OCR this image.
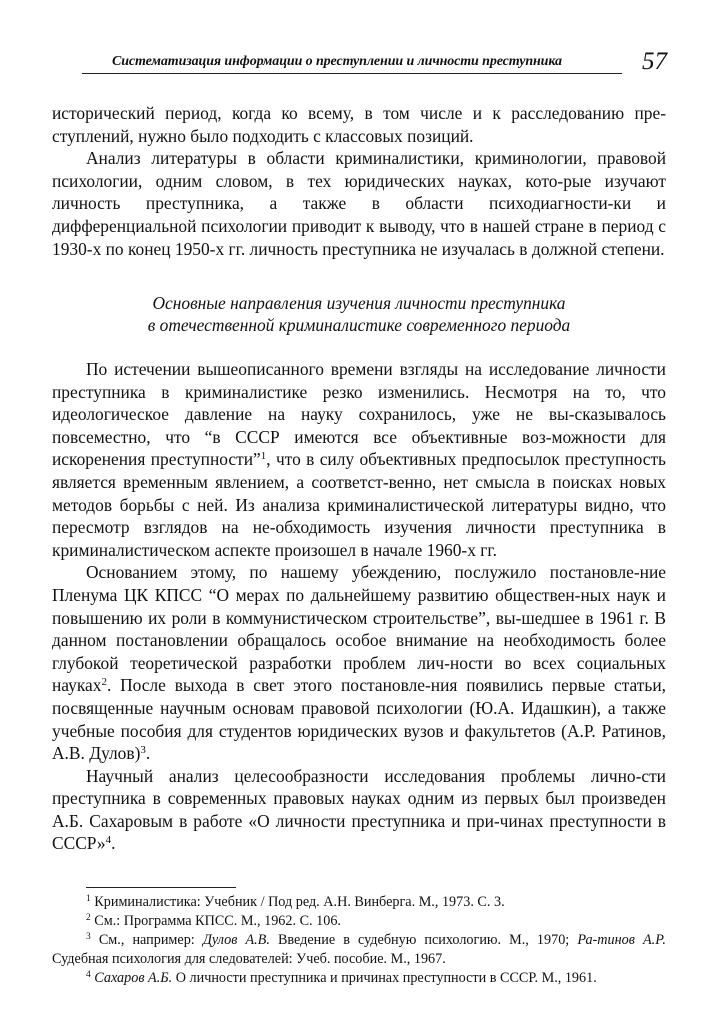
Систематизация информации о преступлении и личности преступника	57

исторический период, когда ко всему, в том числе и к расследованию пре-ступлений, нужно было подходить с классовых позиций.

Анализ литературы в области криминалистики, криминологии, правовой психологии, одним словом, в тех юридических науках, кото-рые изучают личность преступника, а также в области психодиагности-ки и дифференциальной психологии приводит к выводу, что в нашей стране в период с 1930-х по конец 1950-х гг. личность преступника не изучалась в должной степени.

Основные направления изучения личности преступника
в отечественной криминалистике современного периода

По истечении вышеописанного времени взгляды на исследование личности преступника в криминалистике резко изменились. Несмотря на то, что идеологическое давление на науку сохранилось, уже не вы-сказывалось повсеместно, что “в СССР имеются все объективные воз-можности для искоренения преступности”$^1$, что в силу объективных предпосылок преступность является временным явлением, а соответст-венно, нет смысла в поисках новых методов борьбы с ней. Из анализа криминалистической литературы видно, что пересмотр взглядов на не-обходимость изучения личности преступника в криминалистическом аспекте произошел в начале 1960-х гг.

Основанием этому, по нашему убеждению, послужило постановле-ние Пленума ЦК КПСС “О мерах по дальнейшему развитию обществен-ных наук и повышению их роли в коммунистическом строительстве”, вы-шедшее в 1961 г. В данном постановлении обращалось особое внимание на необходимость более глубокой теоретической разработки проблем лич-ности во всех социальных науках$^2$. После выхода в свет этого постановле-ния появились первые статьи, посвященные научным основам правовой психологии (Ю.А. Идашкин), а также учебные пособия для студентов юридических вузов и факультетов (А.Р. Ратинов, А.В. Дулов)$^3$.

Научный анализ целесообразности исследования проблемы лично-сти преступника в современных правовых науках одним из первых был произведен А.Б. Сахаровым в работе «О личности преступника и при-чинах преступности в СССР»$^4$.

$^1$ Криминалистика: Учебник / Под ред. А.Н. Винберга. М., 1973. С. 3.

$^2$ См.: Программа КПСС. М., 1962. С. 106.

$^3$ См., например: Дулов А.В. Введение в судебную психологию. М., 1970; Ра-тинов А.Р. Судебная психология для следователей: Учеб. пособие. М., 1967.

$^4$ Сахаров А.Б. О личности преступника и причинах преступности в СССР. М., 1961.
